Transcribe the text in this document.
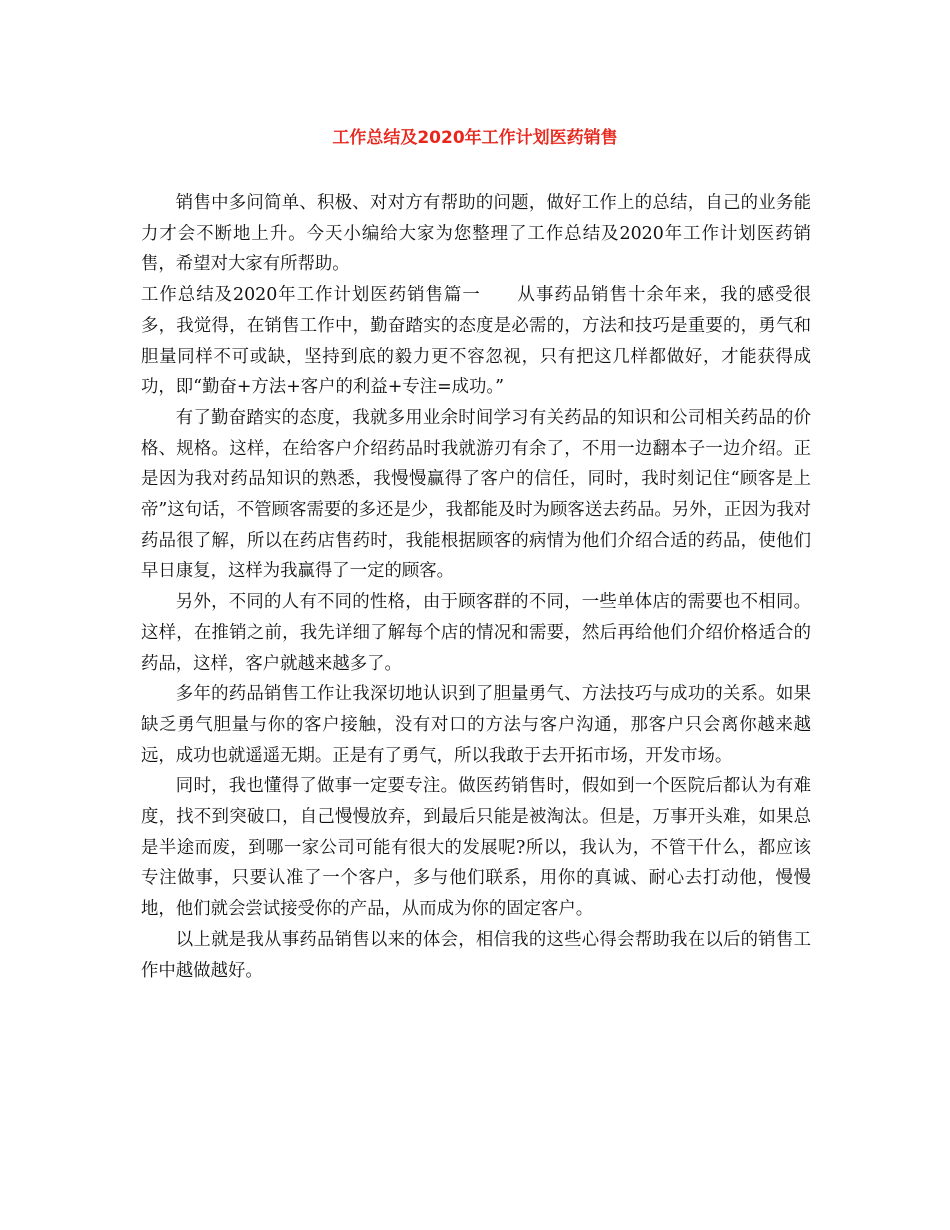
工作总结及2020年工作计划医药销售

销售中多问简单、积极、对对方有帮助的问题，做好工作上的总结，自己的业务能力才会不断地上升。今天小编给大家为您整理了工作总结及2020年工作计划医药销售，希望对大家有所帮助。

工作总结及2020年工作计划医药销售篇一　　从事药品销售十余年来，我的感受很多，我觉得，在销售工作中，勤奋踏实的态度是必需的，方法和技巧是重要的，勇气和胆量同样不可或缺，坚持到底的毅力更不容忽视，只有把这几样都做好，才能获得成功，即“勤奋+方法+客户的利益+专注=成功。”

有了勤奋踏实的态度，我就多用业余时间学习有关药品的知识和公司相关药品的价格、规格。这样，在给客户介绍药品时我就游刃有余了，不用一边翻本子一边介绍。正是因为我对药品知识的熟悉，我慢慢赢得了客户的信任，同时，我时刻记住“顾客是上帝”这句话，不管顾客需要的多还是少，我都能及时为顾客送去药品。另外，正因为我对药品很了解，所以在药店售药时，我能根据顾客的病情为他们介绍合适的药品，使他们早日康复，这样为我赢得了一定的顾客。

另外，不同的人有不同的性格，由于顾客群的不同，一些单体店的需要也不相同。这样，在推销之前，我先详细了解每个店的情况和需要，然后再给他们介绍价格适合的药品，这样，客户就越来越多了。

多年的药品销售工作让我深切地认识到了胆量勇气、方法技巧与成功的关系。如果缺乏勇气胆量与你的客户接触，没有对口的方法与客户沟通，那客户只会离你越来越远，成功也就遥遥无期。正是有了勇气，所以我敢于去开拓市场，开发市场。

同时，我也懂得了做事一定要专注。做医药销售时，假如到一个医院后都认为有难度，找不到突破口，自己慢慢放弃，到最后只能是被淘汰。但是，万事开头难，如果总是半途而废，到哪一家公司可能有很大的发展呢?所以，我认为，不管干什么，都应该专注做事，只要认准了一个客户，多与他们联系，用你的真诚、耐心去打动他，慢慢地，他们就会尝试接受你的产品，从而成为你的固定客户。

以上就是我从事药品销售以来的体会，相信我的这些心得会帮助我在以后的销售工作中越做越好。
